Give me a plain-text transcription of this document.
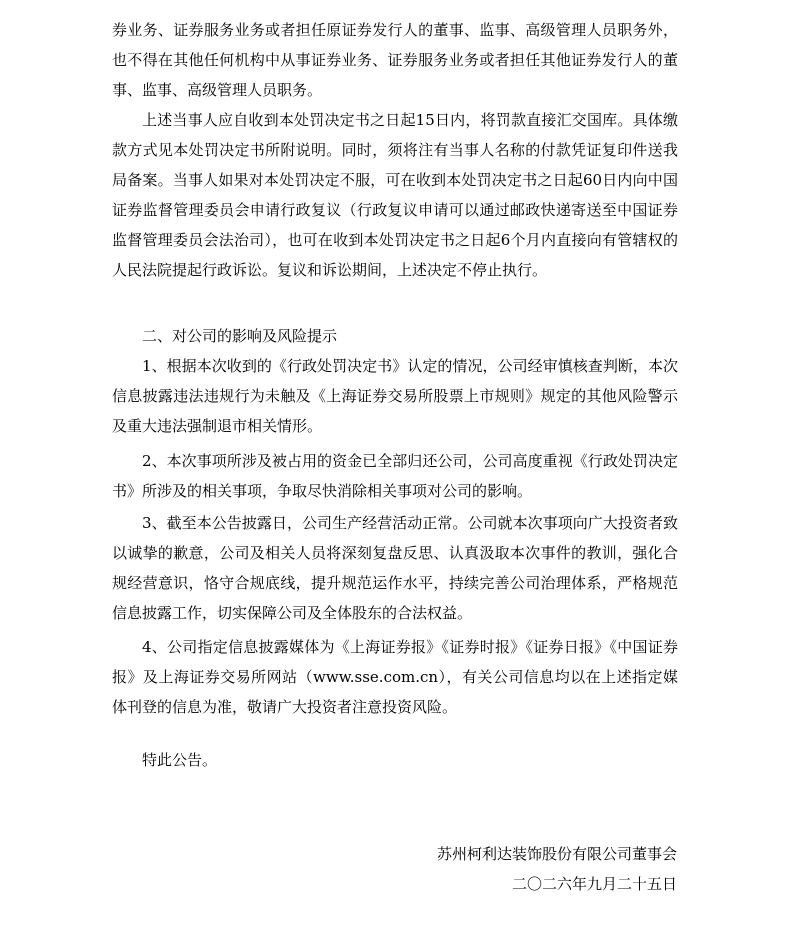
券业务、证券服务业务或者担任原证券发行人的董事、监事、高级管理人员职务外，也不得在其他任何机构中从事证券业务、证券服务业务或者担任其他证券发行人的董事、监事、高级管理人员职务。

上述当事人应自收到本处罚决定书之日起15日内，将罚款直接汇交国库。具体缴款方式见本处罚决定书所附说明。同时，须将注有当事人名称的付款凭证复印件送我局备案。当事人如果对本处罚决定不服，可在收到本处罚决定书之日起60日内向中国证券监督管理委员会申请行政复议（行政复议申请可以通过邮政快递寄送至中国证券监督管理委员会法治司），也可在收到本处罚决定书之日起6个月内直接向有管辖权的人民法院提起行政诉讼。复议和诉讼期间，上述决定不停止执行。

二、对公司的影响及风险提示

1、根据本次收到的《行政处罚决定书》认定的情况，公司经审慎核查判断，本次信息披露违法违规行为未触及《上海证券交易所股票上市规则》规定的其他风险警示及重大违法强制退市相关情形。

2、本次事项所涉及被占用的资金已全部归还公司，公司高度重视《行政处罚决定书》所涉及的相关事项，争取尽快消除相关事项对公司的影响。

3、截至本公告披露日，公司生产经营活动正常。公司就本次事项向广大投资者致以诚挚的歉意，公司及相关人员将深刻复盘反思、认真汲取本次事件的教训，强化合规经营意识，恪守合规底线，提升规范运作水平，持续完善公司治理体系，严格规范信息披露工作，切实保障公司及全体股东的合法权益。

4、公司指定信息披露媒体为《上海证券报》《证券时报》《证券日报》《中国证券报》及上海证券交易所网站（www.sse.com.cn），有关公司信息均以在上述指定媒体刊登的信息为准，敬请广大投资者注意投资风险。

特此公告。

苏州柯利达装饰股份有限公司董事会

二〇二六年九月二十五日
